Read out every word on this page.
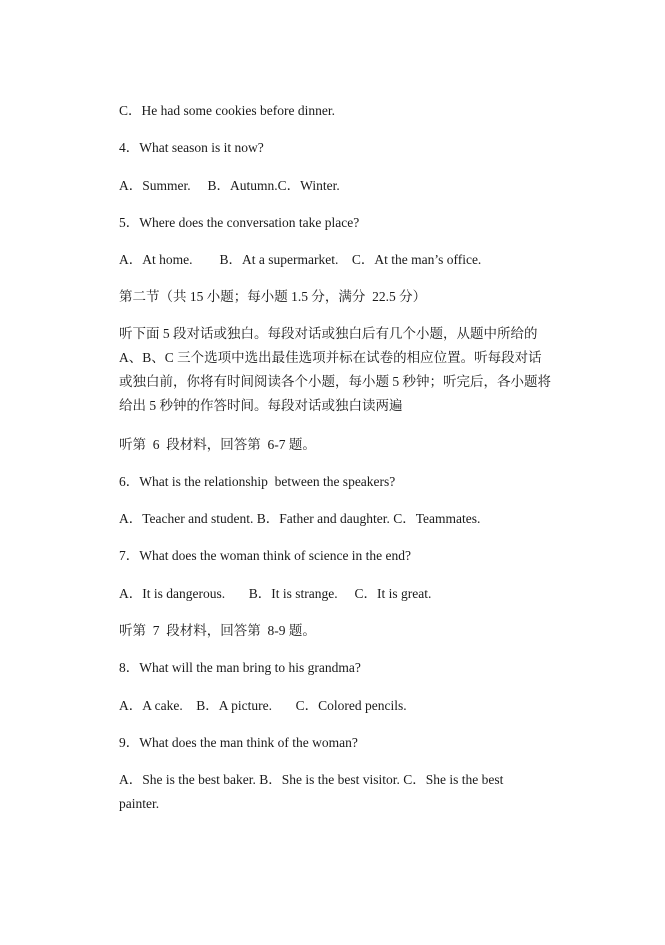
C．He had some cookies before dinner.
4．What season is it now?
A．Summer.     B．Autumn.C．Winter.
5．Where does the conversation take place?
A．At home.        B．At a supermarket.    C．At the man’s office.
第二节（共 15 小题；每小题 1.5 分，满分  22.5 分）
听下面 5 段对话或独白。每段对话或独白后有几个小题，从题中所给的 A、B、C 三个选项中选出最佳选项并标在试卷的相应位置。听每段对话或独白前，你将有时间阅读各个小题，每小题 5 秒钟；听完后，各小题将给出 5 秒钟的作答时间。每段对话或独白读两遍
听第  6  段材料，回答第  6-7 题。
6．What is the relationship  between the speakers?
A．Teacher and student. B．Father and daughter. C．Teammates.
7．What does the woman think of science in the end?
A．It is dangerous.       B．It is strange.     C．It is great.
听第  7  段材料，回答第  8-9 题。
8．What will the man bring to his grandma?
A．A cake.    B．A picture.       C．Colored pencils.
9．What does the man think of the woman?
A．She is the best baker. B．She is the best visitor. C．She is the best painter.
